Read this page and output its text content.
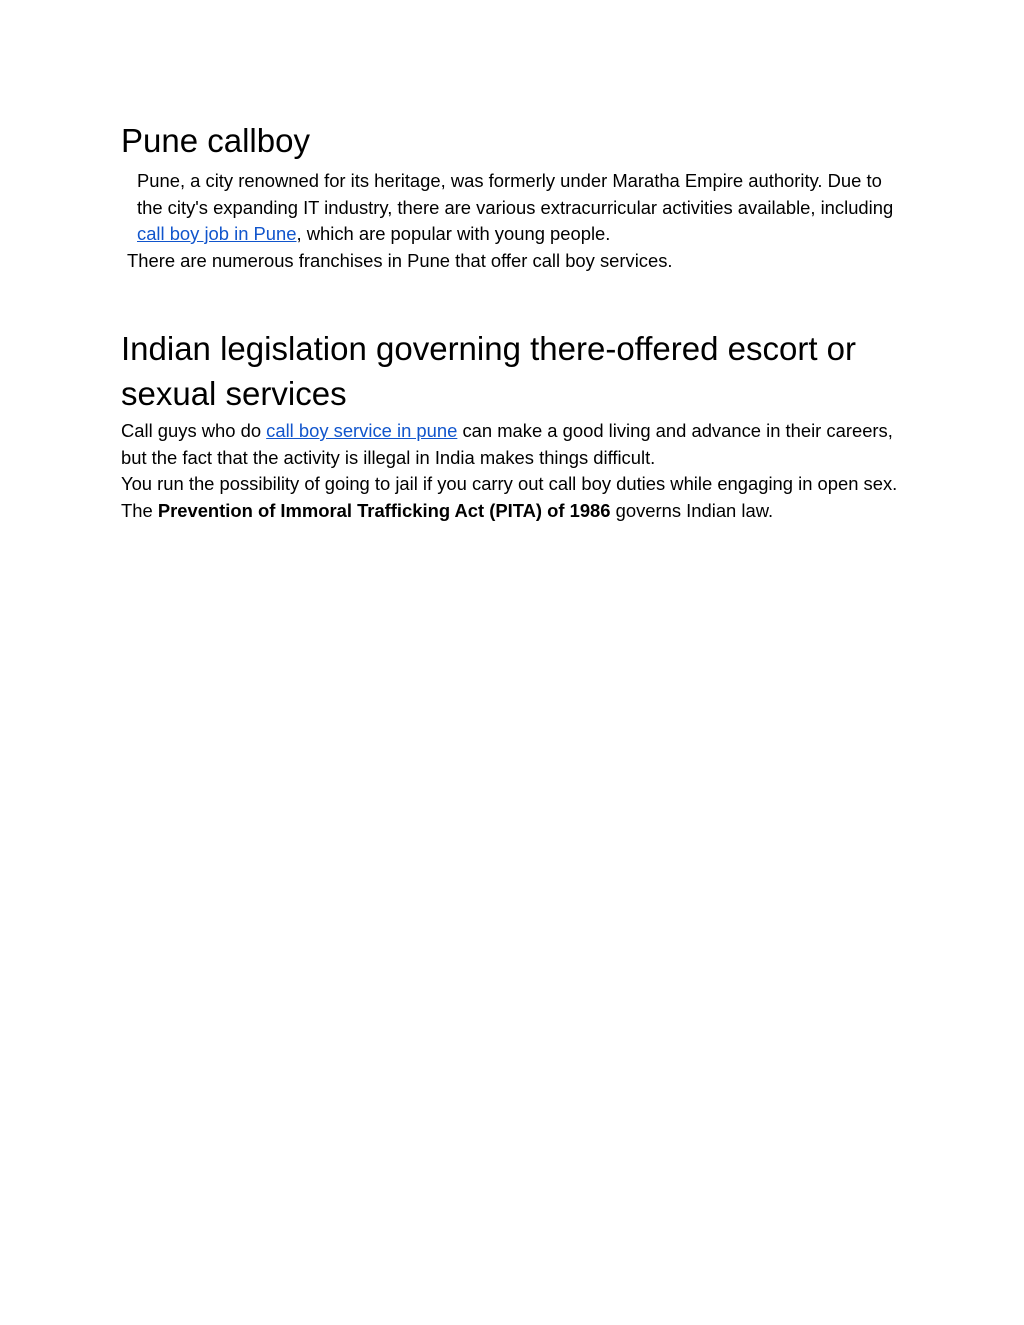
Pune callboy

Pune, a city renowned for its heritage, was formerly under Maratha Empire authority. Due to the city's expanding IT industry, there are various extracurricular activities available, including call boy job in Pune, which are popular with young people.

There are numerous franchises in Pune that offer call boy services.

Indian legislation governing there-offered escort or sexual services

Call guys who do call boy service in pune can make a good living and advance in their careers, but the fact that the activity is illegal in India makes things difficult.

You run the possibility of going to jail if you carry out call boy duties while engaging in open sex.

The Prevention of Immoral Trafficking Act (PITA) of 1986 governs Indian law.
